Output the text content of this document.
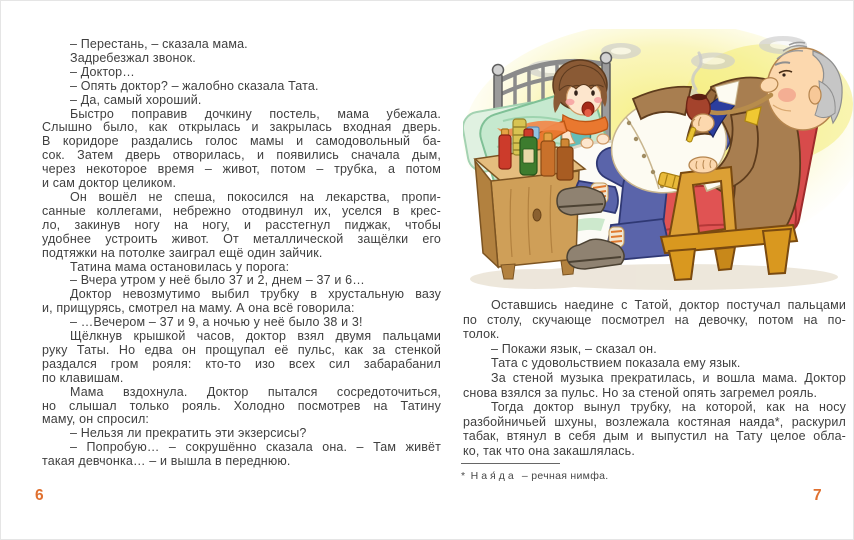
– Перестань, – сказала мама.
Задребезжал звонок.
– Доктор…
– Опять доктор? – жалобно сказала Тата.
– Да, самый хороший.
Быстро поправив дочкину постель, мама убежала.
Слышно было, как открылась и закрылась входная дверь.
В коридоре раздались голос мамы и самодовольный ба-
сок. Затем дверь отворилась, и появились сначала дым,
через некоторое время – живот, потом – трубка, а потом
и сам доктор целиком.
Он вошёл не спеша, покосился на лекарства, пропи-
санные коллегами, небрежно отодвинул их, уселся в крес-
ло, закинув ногу на ногу, и расстегнул пиджак, чтобы
удобнее устроить живот. От металлической защёлки его
подтяжки на потолке заиграл ещё один зайчик.
Татина мама остановилась у порога:
– Вчера утром у неё было 37 и 2, днем – 37 и 6…
Доктор невозмутимо выбил трубку в хрустальную вазу
и, прищурясь, смотрел на маму. А она всё говорила:
– …Вечером – 37 и 9, а ночью у неё было 38 и 3!
Щёлкнув крышкой часов, доктор взял двумя пальцами
руку Таты. Но едва он прощупал её пульс, как за стенкой
раздался гром рояля: кто-то изо всех сил забарабанил
по клавишам.
Мама вздохнула. Доктор пытался сосредоточиться,
но слышал только рояль. Холодно посмотрев на Татину
маму, он спросил:
– Нельзя ли прекратить эти экзерсисы?
– Попробую… – сокрушённо сказала она. – Там живёт
такая девчонка… – и вышла в переднюю.
6
Оставшись наедине с Татой, доктор постучал пальцами
по столу, скучающе посмотрел на девочку, потом на по-
толок.
– Покажи язык, – сказал он.
Тата с удовольствием показала ему язык.
За стеной музыка прекратилась, и вошла мама. Доктор
снова взялся за пульс. Но за стеной опять загремел рояль.
Тогда доктор вынул трубку, на которой, как на носу
разбойничьей шхуны, возлежала костяная наяда*, раскурил
табак, втянул в себя дым и выпустил на Тату целое обла-
ко, так что она закашлялась.
* Ная́да – речная нимфа.
7
